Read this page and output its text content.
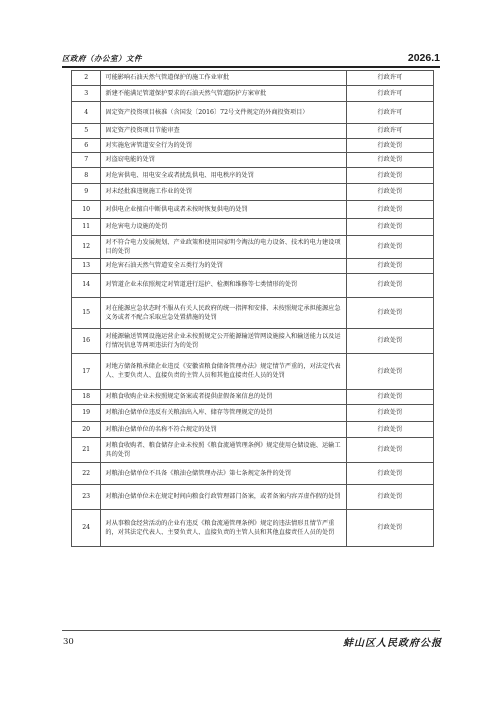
区政府（办公室）文件	2026.1
2	可能影响石油天然气管道保护的施工作业审批	行政许可
3	新建不能满足管道保护要求的石油天然气管道防护方案审批	行政许可
4	固定资产投资项目核准（含国发〔2016〕72号文件规定的外商投资项目）	行政许可
5	固定资产投资项目节能审查	行政许可
6	对实施危害管道安全行为的处罚	行政处罚
7	对盗窃电能的处罚	行政处罚
8	对危害供电、用电安全或者扰乱供电、用电秩序的处罚	行政处罚
9	对未经批准违规施工作业的处罚	行政处罚
10	对供电企业擅自中断供电或者未按时恢复供电的处罚	行政处罚
11	对危害电力设施的处罚	行政处罚
12	对不符合电力发展规划、产业政策和使用国家明令淘汰的电力设备、技术的电力建设项目的处罚	行政处罚
13	对危害石油天然气管道安全五类行为的处罚	行政处罚
14	对管道企业未依照规定对管道进行巡护、检测和维修等七类情形的处罚	行政处罚
15	对在能源应急状态时不服从有关人民政府的统一指挥和安排、未按照规定承担能源应急义务或者不配合采取应急处置措施的处罚	行政处罚
16	对能源输送管网设施运营企业未按照规定公开能源输送管网设施接入和输送能力以及运行情况信息等两项违法行为的处罚	行政处罚
17	对地方储备粮承储企业违反《安徽省粮食储备管理办法》规定情节严重的，对法定代表人、主要负责人、直接负责的主管人员和其他直接责任人员的处罚	行政处罚
18	对粮食收购企业未按照规定备案或者提供虚假备案信息的处罚	行政处罚
19	对粮油仓储单位违反有关粮油出入库、储存等管理规定的处罚	行政处罚
20	对粮油仓储单位的名称不符合规定的处罚	行政处罚
21	对粮食收购者、粮食储存企业未按照《粮食流通管理条例》规定使用仓储设施、运输工具的处罚	行政处罚
22	对粮油仓储单位不具备《粮油仓储管理办法》第七条规定条件的处罚	行政处罚
23	对粮油仓储单位未在规定时间向粮食行政管理部门备案，或者备案内容弄虚作假的处罚	行政处罚
24	对从事粮食经营活动的企业有违反《粮食流通管理条例》规定的违法情形且情节严重的，对其法定代表人、主要负责人、直接负责的主管人员和其他直接责任人员的处罚	行政处罚
30	蚌山区人民政府公报
